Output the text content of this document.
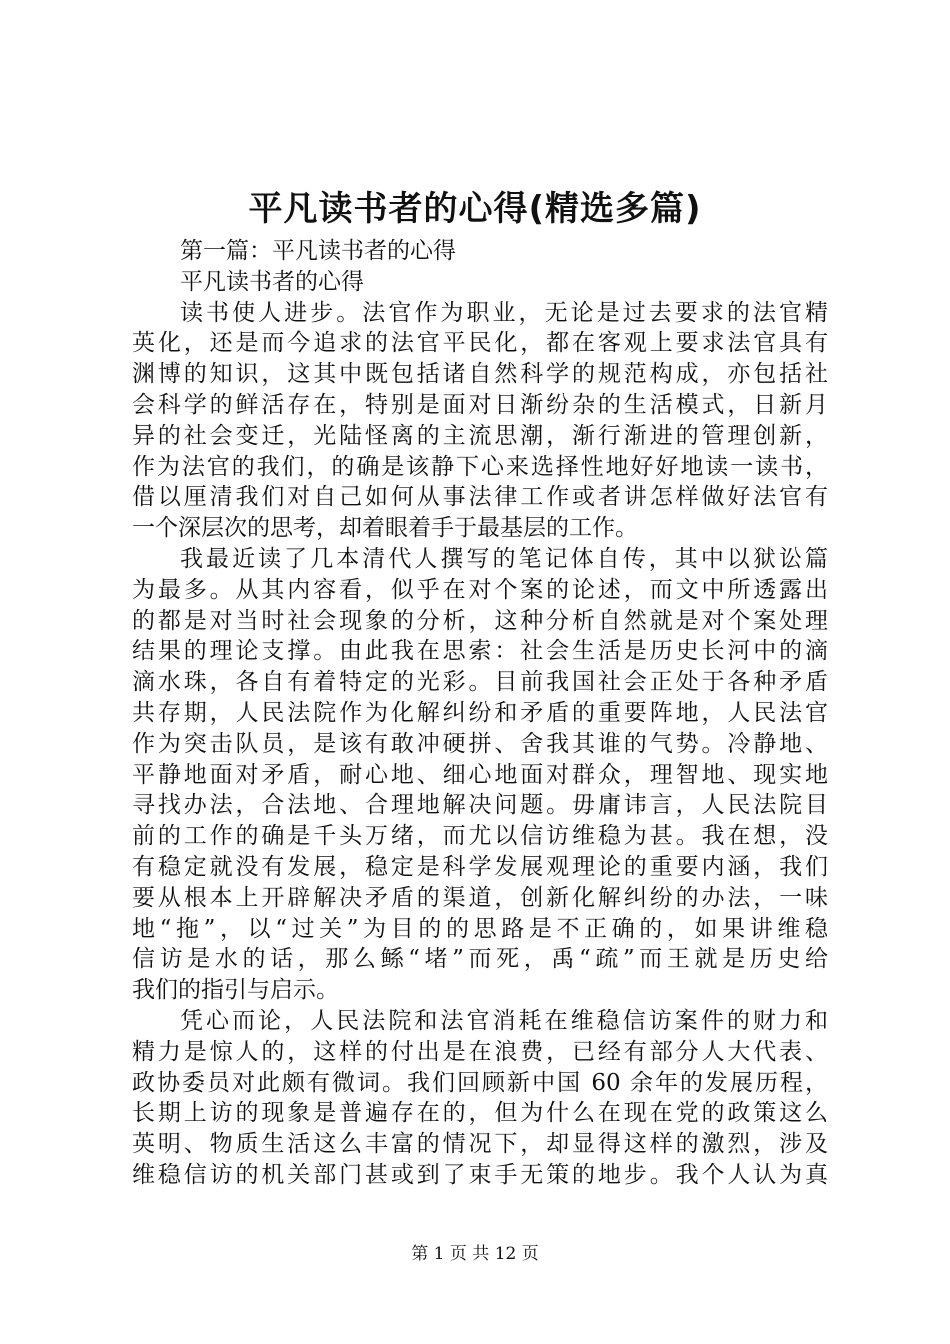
平凡读书者的心得(精选多篇)
第一篇：平凡读书者的心得
平凡读书者的心得
读书使人进步。法官作为职业，无论是过去要求的法官精
英化，还是而今追求的法官平民化，都在客观上要求法官具有
渊博的知识，这其中既包括诸自然科学的规范构成，亦包括社
会科学的鲜活存在，特别是面对日渐纷杂的生活模式，日新月
异的社会变迁，光陆怪离的主流思潮，渐行渐进的管理创新，
作为法官的我们，的确是该静下心来选择性地好好地读一读书，
借以厘清我们对自己如何从事法律工作或者讲怎样做好法官有
一个深层次的思考，却着眼着手于最基层的工作。
我最近读了几本清代人撰写的笔记体自传，其中以狱讼篇
为最多。从其内容看，似乎在对个案的论述，而文中所透露出
的都是对当时社会现象的分析，这种分析自然就是对个案处理
结果的理论支撑。由此我在思索：社会生活是历史长河中的滴
滴水珠，各自有着特定的光彩。目前我国社会正处于各种矛盾
共存期，人民法院作为化解纠纷和矛盾的重要阵地，人民法官
作为突击队员，是该有敢冲硬拼、舍我其谁的气势。冷静地、
平静地面对矛盾，耐心地、细心地面对群众，理智地、现实地
寻找办法，合法地、合理地解决问题。毋庸讳言，人民法院目
前的工作的确是千头万绪，而尤以信访维稳为甚。我在想，没
有稳定就没有发展，稳定是科学发展观理论的重要内涵，我们
要从根本上开辟解决矛盾的渠道，创新化解纠纷的办法，一味
地“拖”，以“过关”为目的的思路是不正确的，如果讲维稳
信访是水的话，那么鲧“堵”而死，禹“疏”而王就是历史给
我们的指引与启示。
凭心而论，人民法院和法官消耗在维稳信访案件的财力和
精力是惊人的，这样的付出是在浪费，已经有部分人大代表、
政协委员对此颇有微词。我们回顾新中国 60 余年的发展历程，
长期上访的现象是普遍存在的，但为什么在现在党的政策这么
英明、物质生活这么丰富的情况下，却显得这样的激烈，涉及
维稳信访的机关部门甚或到了束手无策的地步。我个人认为真
第 1 页 共 12 页
